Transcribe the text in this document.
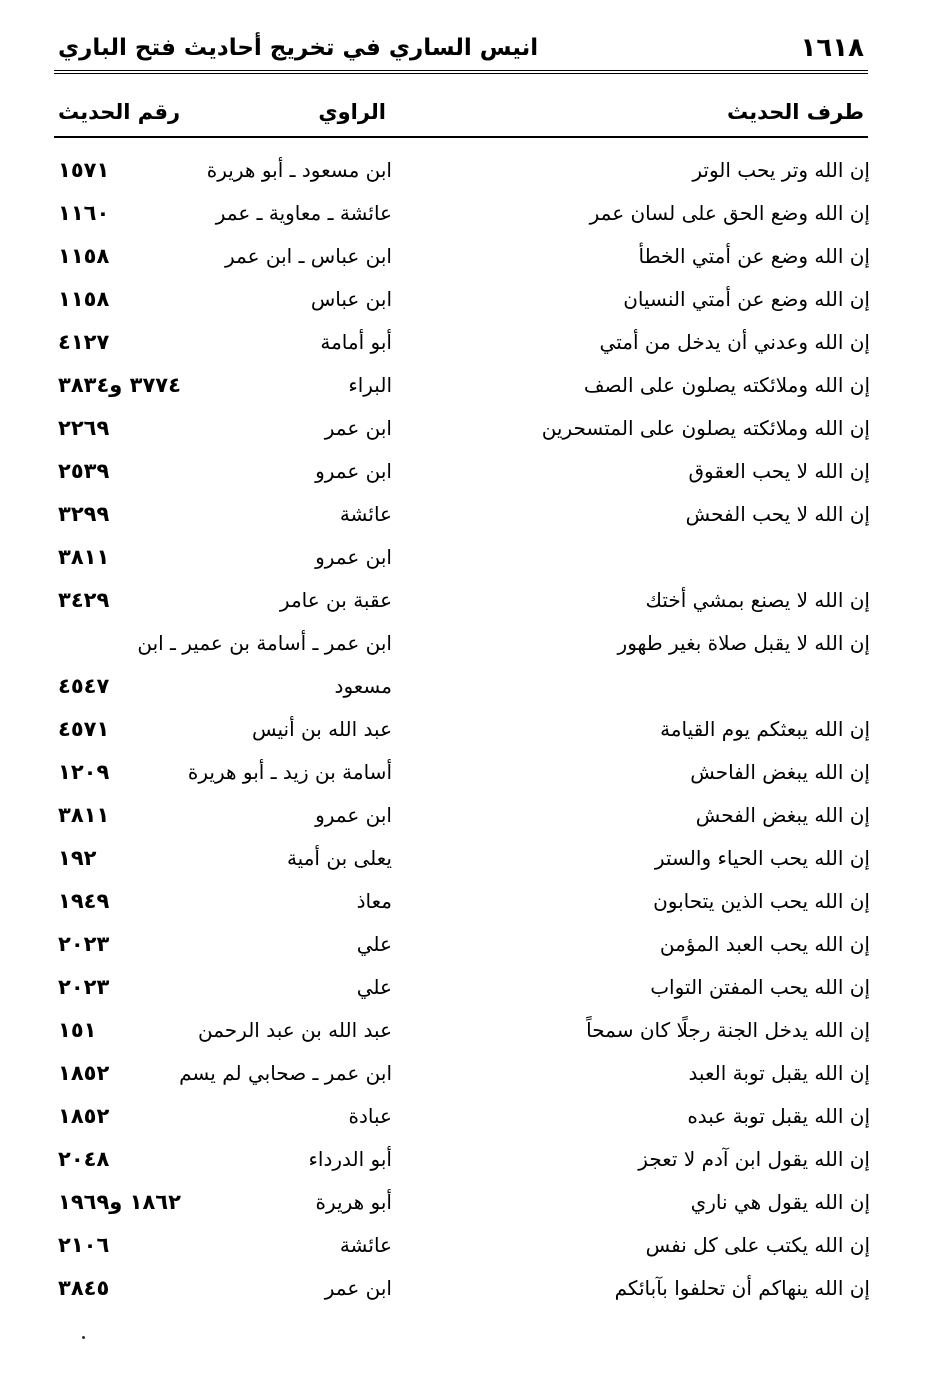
١٦١٨
انيس الساري في تخريج أحاديث فتح الباري
طرف الحديث
الراوي
رقم الحديث
إن الله وتر يحب الوتر
ابن مسعود ـ أبو هريرة
١٥٧١
إن الله وضع الحق على لسان عمر
عائشة ـ معاوية ـ عمر
١١٦٠
إن الله وضع عن أمتي الخطأ
ابن عباس ـ ابن عمر
١١٥٨
إن الله وضع عن أمتي النسيان
ابن عباس
١١٥٨
إن الله وعدني أن يدخل من أمتي
أبو أمامة
٤١٢٧
إن الله وملائكته يصلون على الصف
البراء
٣٧٧٤ و٣٨٣٤
إن الله وملائكته يصلون على المتسحرين
ابن عمر
٢٢٦٩
إن الله لا يحب العقوق
ابن عمرو
٢٥٣٩
إن الله لا يحب الفحش
عائشة
٣٢٩٩
ابن عمرو
٣٨١١
إن الله لا يصنع بمشي أختك
عقبة بن عامر
٣٤٢٩
إن الله لا يقبل صلاة بغير طهور
ابن عمر ـ أسامة بن عمير ـ ابن
مسعود
٤٥٤٧
إن الله يبعثكم يوم القيامة
عبد الله بن أنيس
٤٥٧١
إن الله يبغض الفاحش
أسامة بن زيد ـ أبو هريرة
١٢٠٩
إن الله يبغض الفحش
ابن عمرو
٣٨١١
إن الله يحب الحياء والستر
يعلى بن أمية
١٩٢
إن الله يحب الذين يتحابون
معاذ
١٩٤٩
إن الله يحب العبد المؤمن
علي
٢٠٢٣
إن الله يحب المفتن التواب
علي
٢٠٢٣
إن الله يدخل الجنة رجلًا كان سمحاً
عبد الله بن عبد الرحمن
١٥١
إن الله يقبل توبة العبد
ابن عمر ـ صحابي لم يسم
١٨٥٢
إن الله يقبل توبة عبده
عبادة
١٨٥٢
إن الله يقول ابن آدم لا تعجز
أبو الدرداء
٢٠٤٨
إن الله يقول هي ناري
أبو هريرة
١٨٦٢ و١٩٦٩
إن الله يكتب على كل نفس
عائشة
٢١٠٦
إن الله ينهاكم أن تحلفوا بآبائكم
ابن عمر
٣٨٤٥
